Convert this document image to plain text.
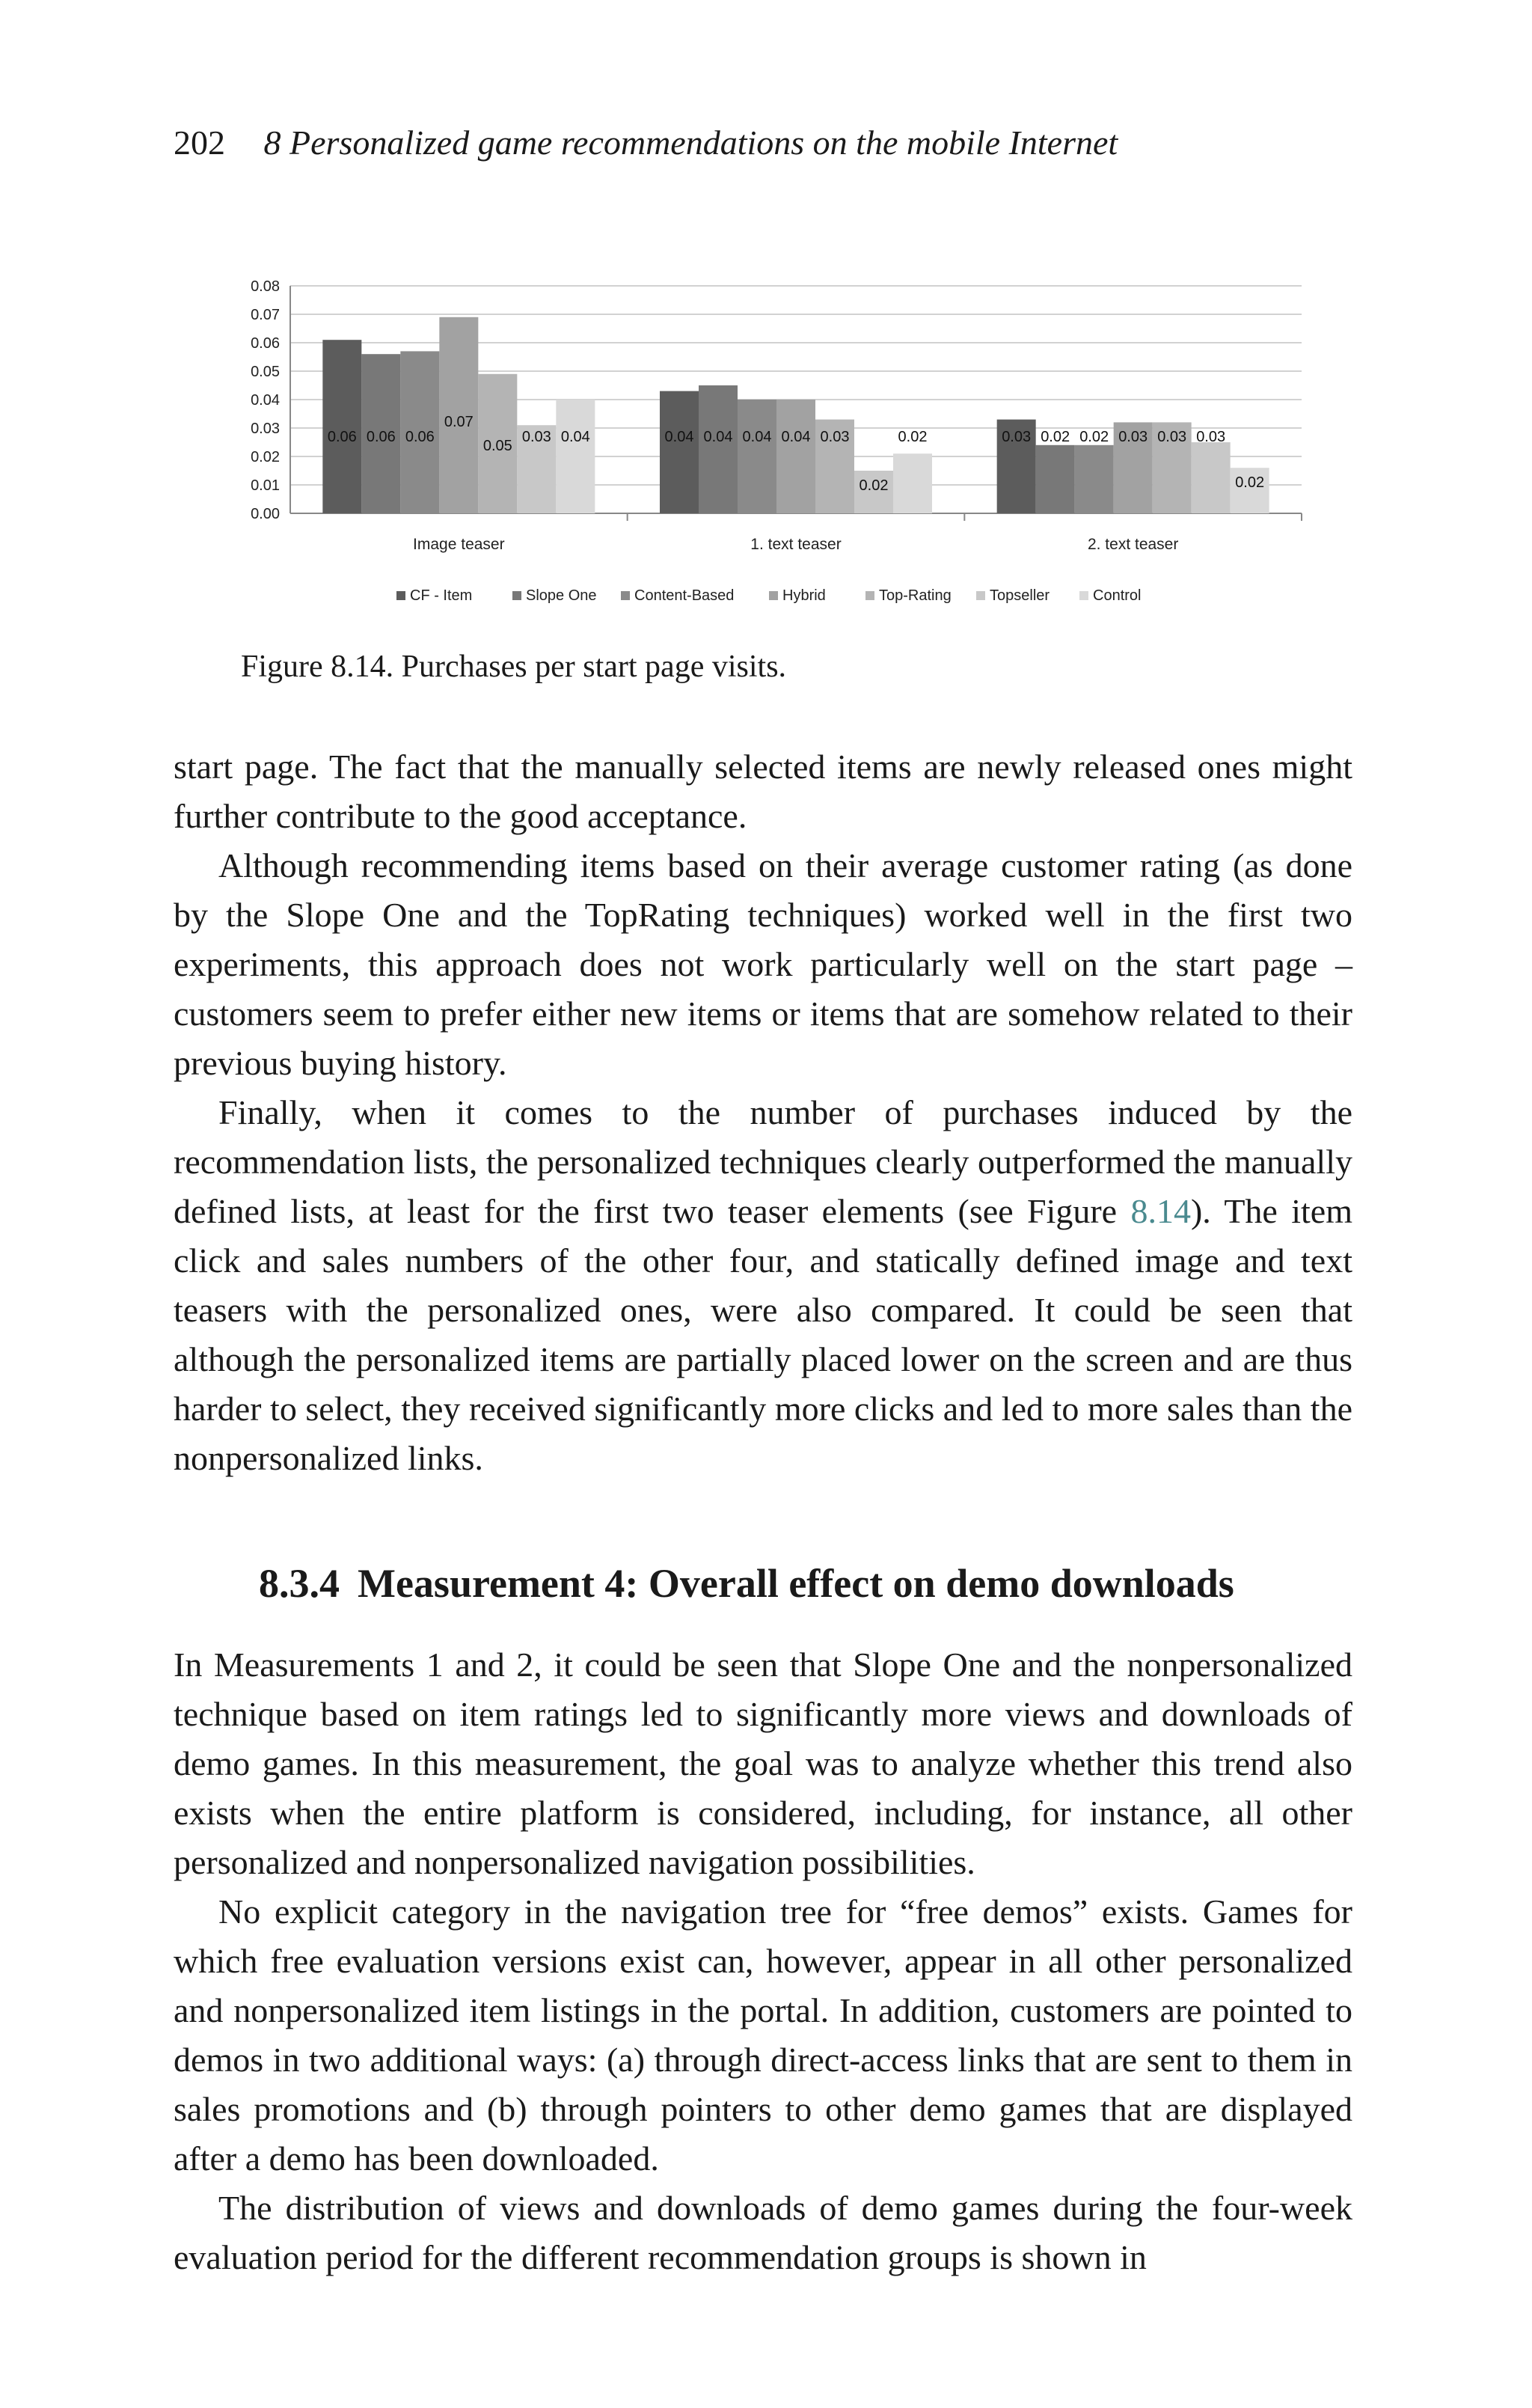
202 8 Personalized game recommendations on the mobile Internet
0.00
0.01
0.02
0.03
0.04
0.05
0.06
0.07
0.08
0.06 0.06 0.06
0.07
0.05
0.03 0.04
Image teaser
0.04 0.04 0.04 0.04 0.03
0.02
0.02
1. text teaser
0.03 0.02 0.02 0.03 0.03 0.03
0.02
2. text teaser
CF - Item	Slope One	Content-Based	Hybrid	Top-Rating	Topseller	Control
Figure 8.14. Purchases per start page visits.

start page. The fact that the manually selected items are newly released ones might further contribute to the good acceptance.

Although recommending items based on their average customer rating (as done by the Slope One and the TopRating techniques) worked well in the first two experiments, this approach does not work particularly well on the start page – customers seem to prefer either new items or items that are somehow related to their previous buying history.

Finally, when it comes to the number of purchases induced by the recommendation lists, the personalized techniques clearly outperformed the manually defined lists, at least for the first two teaser elements (see Figure 8.14). The item click and sales numbers of the other four, and statically defined image and text teasers with the personalized ones, were also compared. It could be seen that although the personalized items are partially placed lower on the screen and are thus harder to select, they received significantly more clicks and led to more sales than the nonpersonalized links.

8.3.4 Measurement 4: Overall effect on demo downloads

In Measurements 1 and 2, it could be seen that Slope One and the nonpersonalized technique based on item ratings led to significantly more views and downloads of demo games. In this measurement, the goal was to analyze whether this trend also exists when the entire platform is considered, including, for instance, all other personalized and nonpersonalized navigation possibilities.

No explicit category in the navigation tree for “free demos” exists. Games for which free evaluation versions exist can, however, appear in all other personalized and nonpersonalized item listings in the portal. In addition, customers are pointed to demos in two additional ways: (a) through direct-access links that are sent to them in sales promotions and (b) through pointers to other demo games that are displayed after a demo has been downloaded.

The distribution of views and downloads of demo games during the four-week evaluation period for the different recommendation groups is shown in
